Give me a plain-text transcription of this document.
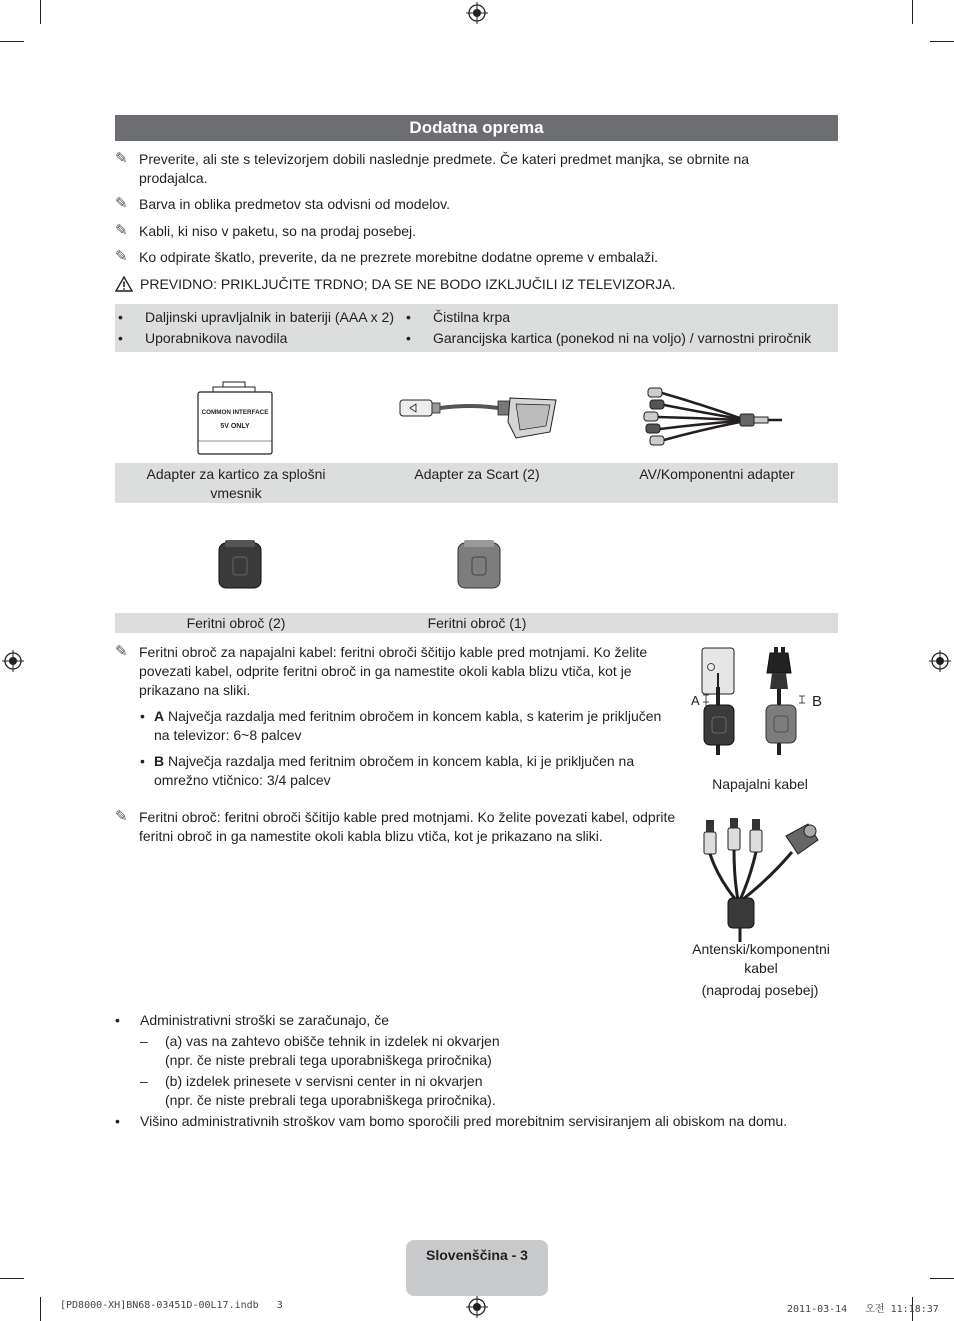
Dodatna oprema
✎ Preverite, ali ste s televizorjem dobili naslednje predmete. Če kateri predmet manjka, se obrnite na prodajalca.
✎ Barva in oblika predmetov sta odvisni od modelov.
✎ Kabli, ki niso v paketu, so na prodaj posebej.
✎ Ko odpirate škatlo, preverite, da ne prezrete morebitne dodatne opreme v embalaži.
PREVIDNO: PRIKLJUČITE TRDNO; DA SE NE BODO IZKLJUČILI IZ TELEVIZORJA.
• Daljinski upravljalnik in bateriji (AAA x 2)
• Uporabnikova navodila
• Čistilna krpa
• Garancijska kartica (ponekod ni na voljo) / varnostni priročnik
COMMON INTERFACE
5V ONLY
Adapter za kartico za splošni vmesnik
Adapter za Scart (2)	AV/Komponentni adapter
Feritni obroč (2)	Feritni obroč (1)
✎ Feritni obroč za napajalni kabel: feritni obroči ščitijo kable pred motnjami. Ko želite povezati kabel, odprite feritni obroč in ga namestite okoli kabla blizu vtiča, kot je prikazano na sliki.
• A Največja razdalja med feritnim obročem in koncem kabla, s katerim je priključen na televizor: 6~8 palcev
• B Največja razdalja med feritnim obročem in koncem kabla, ki je priključen na omrežno vtičnico: 3/4 palcev
A	B
Napajalni kabel
✎ Feritni obroč: feritni obroči ščitijo kable pred motnjami. Ko želite povezati kabel, odprite feritni obroč in ga namestite okoli kabla blizu vtiča, kot je prikazano na sliki.
Antenski/komponentni kabel
(naprodaj posebej)
• Administrativni stroški se zaračunajo, če
– (a) vas na zahtevo obišče tehnik in izdelek ni okvarjen
(npr. če niste prebrali tega uporabniškega priročnika)
– (b) izdelek prinesete v servisni center in ni okvarjen
(npr. če niste prebrali tega uporabniškega priročnika).
• Višino administrativnih stroškov vam bomo sporočili pred morebitnim servisiranjem ali obiskom na domu.
Slovenščina - 3
[PD8000-XH]BN68-03451D-00L17.indb   3	2011-03-14   오전 11:18:37
